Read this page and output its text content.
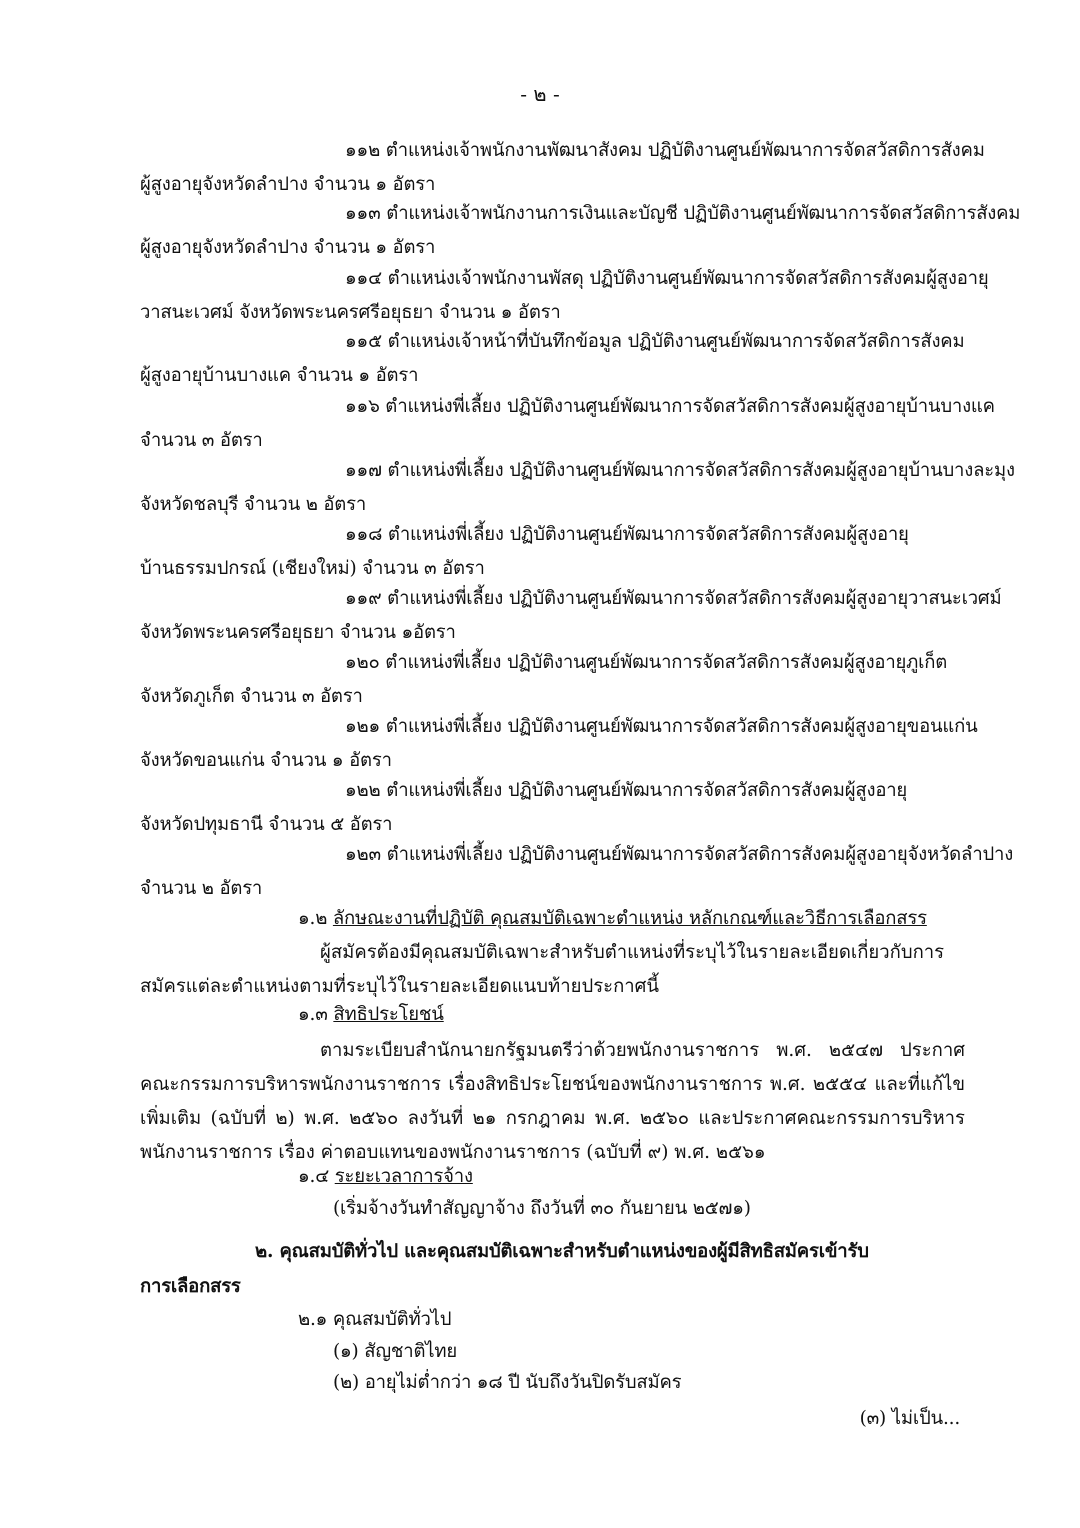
- ๒ -
๑๑๒ ตำแหน่งเจ้าพนักงานพัฒนาสังคม ปฏิบัติงานศูนย์พัฒนาการจัดสวัสดิการสังคม
ผู้สูงอายุจังหวัดลำปาง จำนวน ๑ อัตรา
๑๑๓ ตำแหน่งเจ้าพนักงานการเงินและบัญชี ปฏิบัติงานศูนย์พัฒนาการจัดสวัสดิการสังคม
ผู้สูงอายุจังหวัดลำปาง จำนวน ๑ อัตรา
๑๑๔ ตำแหน่งเจ้าพนักงานพัสดุ ปฏิบัติงานศูนย์พัฒนาการจัดสวัสดิการสังคมผู้สูงอายุ
วาสนะเวศม์ จังหวัดพระนครศรีอยุธยา จำนวน ๑ อัตรา
๑๑๕ ตำแหน่งเจ้าหน้าที่บันทึกข้อมูล ปฏิบัติงานศูนย์พัฒนาการจัดสวัสดิการสังคม
ผู้สูงอายุบ้านบางแค จำนวน ๑ อัตรา
๑๑๖ ตำแหน่งพี่เลี้ยง ปฏิบัติงานศูนย์พัฒนาการจัดสวัสดิการสังคมผู้สูงอายุบ้านบางแค
จำนวน ๓ อัตรา
๑๑๗ ตำแหน่งพี่เลี้ยง ปฏิบัติงานศูนย์พัฒนาการจัดสวัสดิการสังคมผู้สูงอายุบ้านบางละมุง
จังหวัดชลบุรี จำนวน ๒ อัตรา
๑๑๘ ตำแหน่งพี่เลี้ยง ปฏิบัติงานศูนย์พัฒนาการจัดสวัสดิการสังคมผู้สูงอายุ
บ้านธรรมปกรณ์ (เชียงใหม่) จำนวน ๓ อัตรา
๑๑๙ ตำแหน่งพี่เลี้ยง ปฏิบัติงานศูนย์พัฒนาการจัดสวัสดิการสังคมผู้สูงอายุวาสนะเวศม์
จังหวัดพระนครศรีอยุธยา จำนวน ๑อัตรา
๑๒๐ ตำแหน่งพี่เลี้ยง ปฏิบัติงานศูนย์พัฒนาการจัดสวัสดิการสังคมผู้สูงอายุภูเก็ต
จังหวัดภูเก็ต จำนวน ๓ อัตรา
๑๒๑ ตำแหน่งพี่เลี้ยง ปฏิบัติงานศูนย์พัฒนาการจัดสวัสดิการสังคมผู้สูงอายุขอนแก่น
จังหวัดขอนแก่น จำนวน ๑ อัตรา
๑๒๒ ตำแหน่งพี่เลี้ยง ปฏิบัติงานศูนย์พัฒนาการจัดสวัสดิการสังคมผู้สูงอายุ
จังหวัดปทุมธานี จำนวน ๕ อัตรา
๑๒๓ ตำแหน่งพี่เลี้ยง ปฏิบัติงานศูนย์พัฒนาการจัดสวัสดิการสังคมผู้สูงอายุจังหวัดลำปาง
จำนวน ๒ อัตรา
๑.๒ ลักษณะงานที่ปฏิบัติ คุณสมบัติเฉพาะตำแหน่ง หลักเกณฑ์และวิธีการเลือกสรร
ผู้สมัครต้องมีคุณสมบัติเฉพาะสำหรับตำแหน่งที่ระบุไว้ในรายละเอียดเกี่ยวกับการสมัครแต่ละตำแหน่งตามที่ระบุไว้ในรายละเอียดแนบท้ายประกาศนี้
๑.๓ สิทธิประโยชน์
ตามระเบียบสำนักนายกรัฐมนตรีว่าด้วยพนักงานราชการ พ.ศ. ๒๕๔๗ ประกาศ คณะกรรมการบริหารพนักงานราชการ เรื่องสิทธิประโยชน์ของพนักงานราชการ พ.ศ. ๒๕๕๔ และที่แก้ไขเพิ่มเติม (ฉบับที่ ๒) พ.ศ. ๒๕๖๐ ลงวันที่ ๒๑ กรกฎาคม พ.ศ. ๒๕๖๐ และประกาศคณะกรรมการบริหารพนักงานราชการ เรื่อง ค่าตอบแทนของพนักงานราชการ (ฉบับที่ ๙) พ.ศ. ๒๕๖๑
๑.๔ ระยะเวลาการจ้าง
(เริ่มจ้างวันทำสัญญาจ้าง ถึงวันที่ ๓๐ กันยายน ๒๕๗๑)
๒. คุณสมบัติทั่วไป และคุณสมบัติเฉพาะสำหรับตำแหน่งของผู้มีสิทธิสมัครเข้ารับ
การเลือกสรร
๒.๑ คุณสมบัติทั่วไป
(๑) สัญชาติไทย
(๒) อายุไม่ต่ำกว่า ๑๘ ปี นับถึงวันปิดรับสมัคร
(๓) ไม่เป็น...
